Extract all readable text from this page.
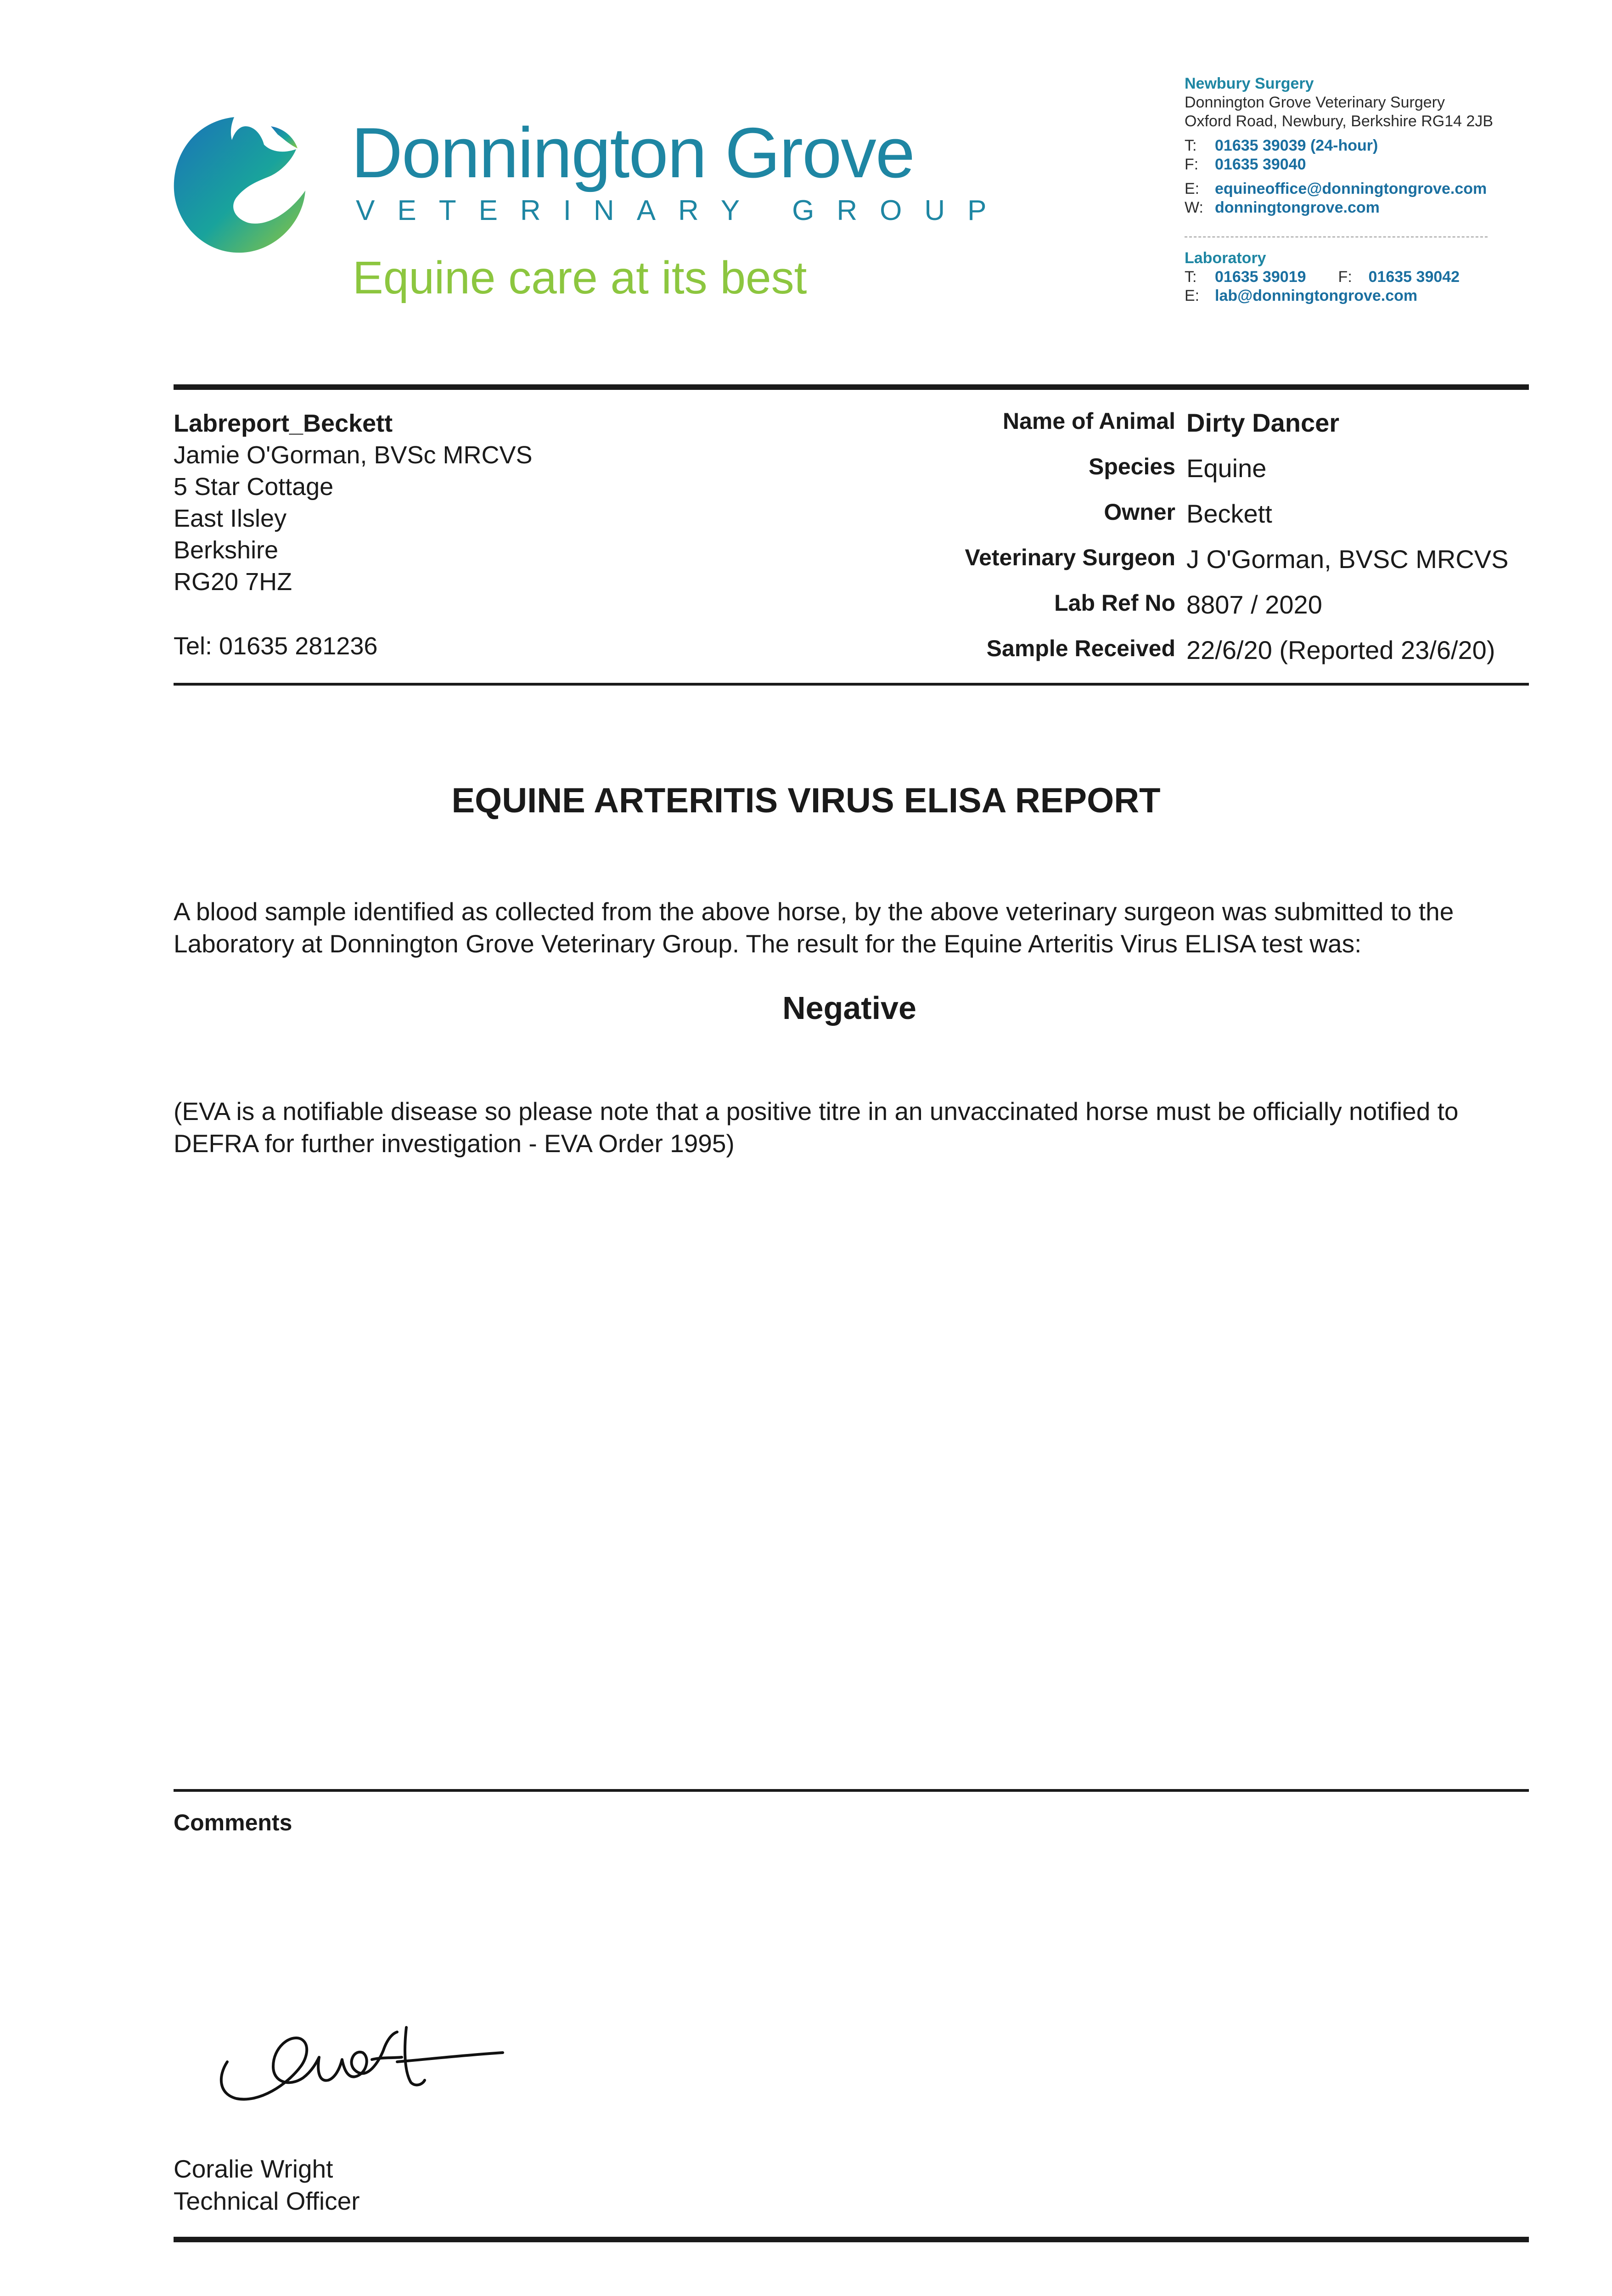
Donnington Grove
VETERINARY GROUP
Equine care at its best
Newbury Surgery
Donnington Grove Veterinary Surgery
Oxford Road, Newbury, Berkshire RG14 2JB
T: 01635 39039 (24-hour)
F: 01635 39040
E: equineoffice@donningtongrove.com
W: donningtongrove.com
Laboratory
T: 01635 39019 F: 01635 39042
E: lab@donningtongrove.com
Labreport_Beckett
Jamie O'Gorman, BVSc MRCVS
5 Star Cottage
East Ilsley
Berkshire
RG20 7HZ
Tel: 01635 281236
Name of Animal	Dirty Dancer
Species	Equine
Owner	Beckett
Veterinary Surgeon	J O'Gorman, BVSC MRCVS
Lab Ref No	8807 / 2020
Sample Received	22/6/20 (Reported 23/6/20)
EQUINE ARTERITIS VIRUS ELISA REPORT
A blood sample identified as collected from the above horse, by the above veterinary surgeon was submitted to the Laboratory at Donnington Grove Veterinary Group. The result for the Equine Arteritis Virus ELISA test was:
Negative
(EVA is a notifiable disease so please note that a positive titre in an unvaccinated horse must be officially notified to DEFRA for further investigation - EVA Order 1995)
Comments
Coralie Wright
Technical Officer
